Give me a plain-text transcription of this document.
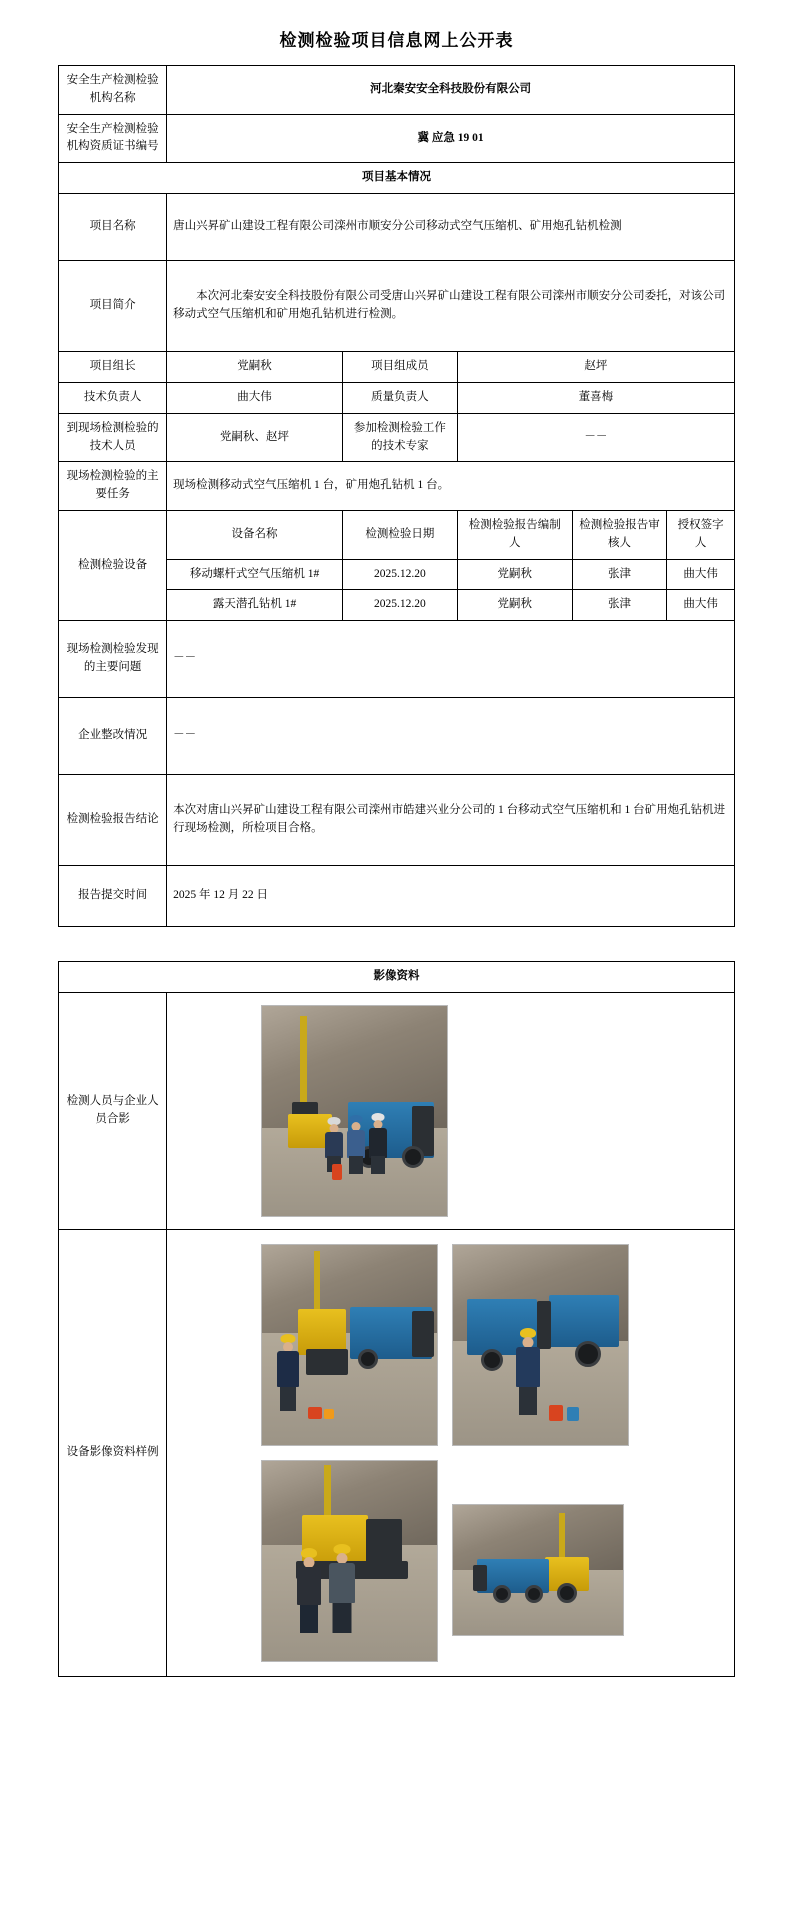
检测检验项目信息网上公开表
安全生产检测检验机构名称	河北秦安安全科技股份有限公司				
安全生产检测检验机构资质证书编号	冀 应急 19 01				
项目基本情况					
项目名称	唐山兴昇矿山建设工程有限公司滦州市顺安分公司移动式空气压缩机、矿用炮孔钻机检测				
项目简介	本次河北秦安安全科技股份有限公司受唐山兴昇矿山建设工程有限公司滦州市顺安分公司委托，对该公司移动式空气压缩机和矿用炮孔钻机进行检测。				
项目组长	党嗣秋	项目组成员	赵坪		
技术负责人	曲大伟	质量负责人	董喜梅		
到现场检测检验的技术人员	党嗣秋、赵坪	参加检测检验工作的技术专家	－－		
现场检测检验的主要任务	现场检测移动式空气压缩机 1 台，矿用炮孔钻机 1 台。				
检测检验设备	设备名称	检测检验日期	检测检验报告编制人	检测检验报告审核人	授权签字人
	移动螺杆式空气压缩机 1#	2025.12.20	党嗣秋	张津	曲大伟
	露天潜孔钻机 1#	2025.12.20	党嗣秋	张津	曲大伟
现场检测检验发现的主要问题	－－				
企业整改情况	－－				
检测检验报告结论	本次对唐山兴昇矿山建设工程有限公司滦州市皓建兴业分公司的 1 台移动式空气压缩机和 1 台矿用炮孔钻机进行现场检测，所检项目合格。				
报告提交时间	2025 年 12 月 22 日				
影像资料	
检测人员与企业人员合影	

设备影像资料样例	
